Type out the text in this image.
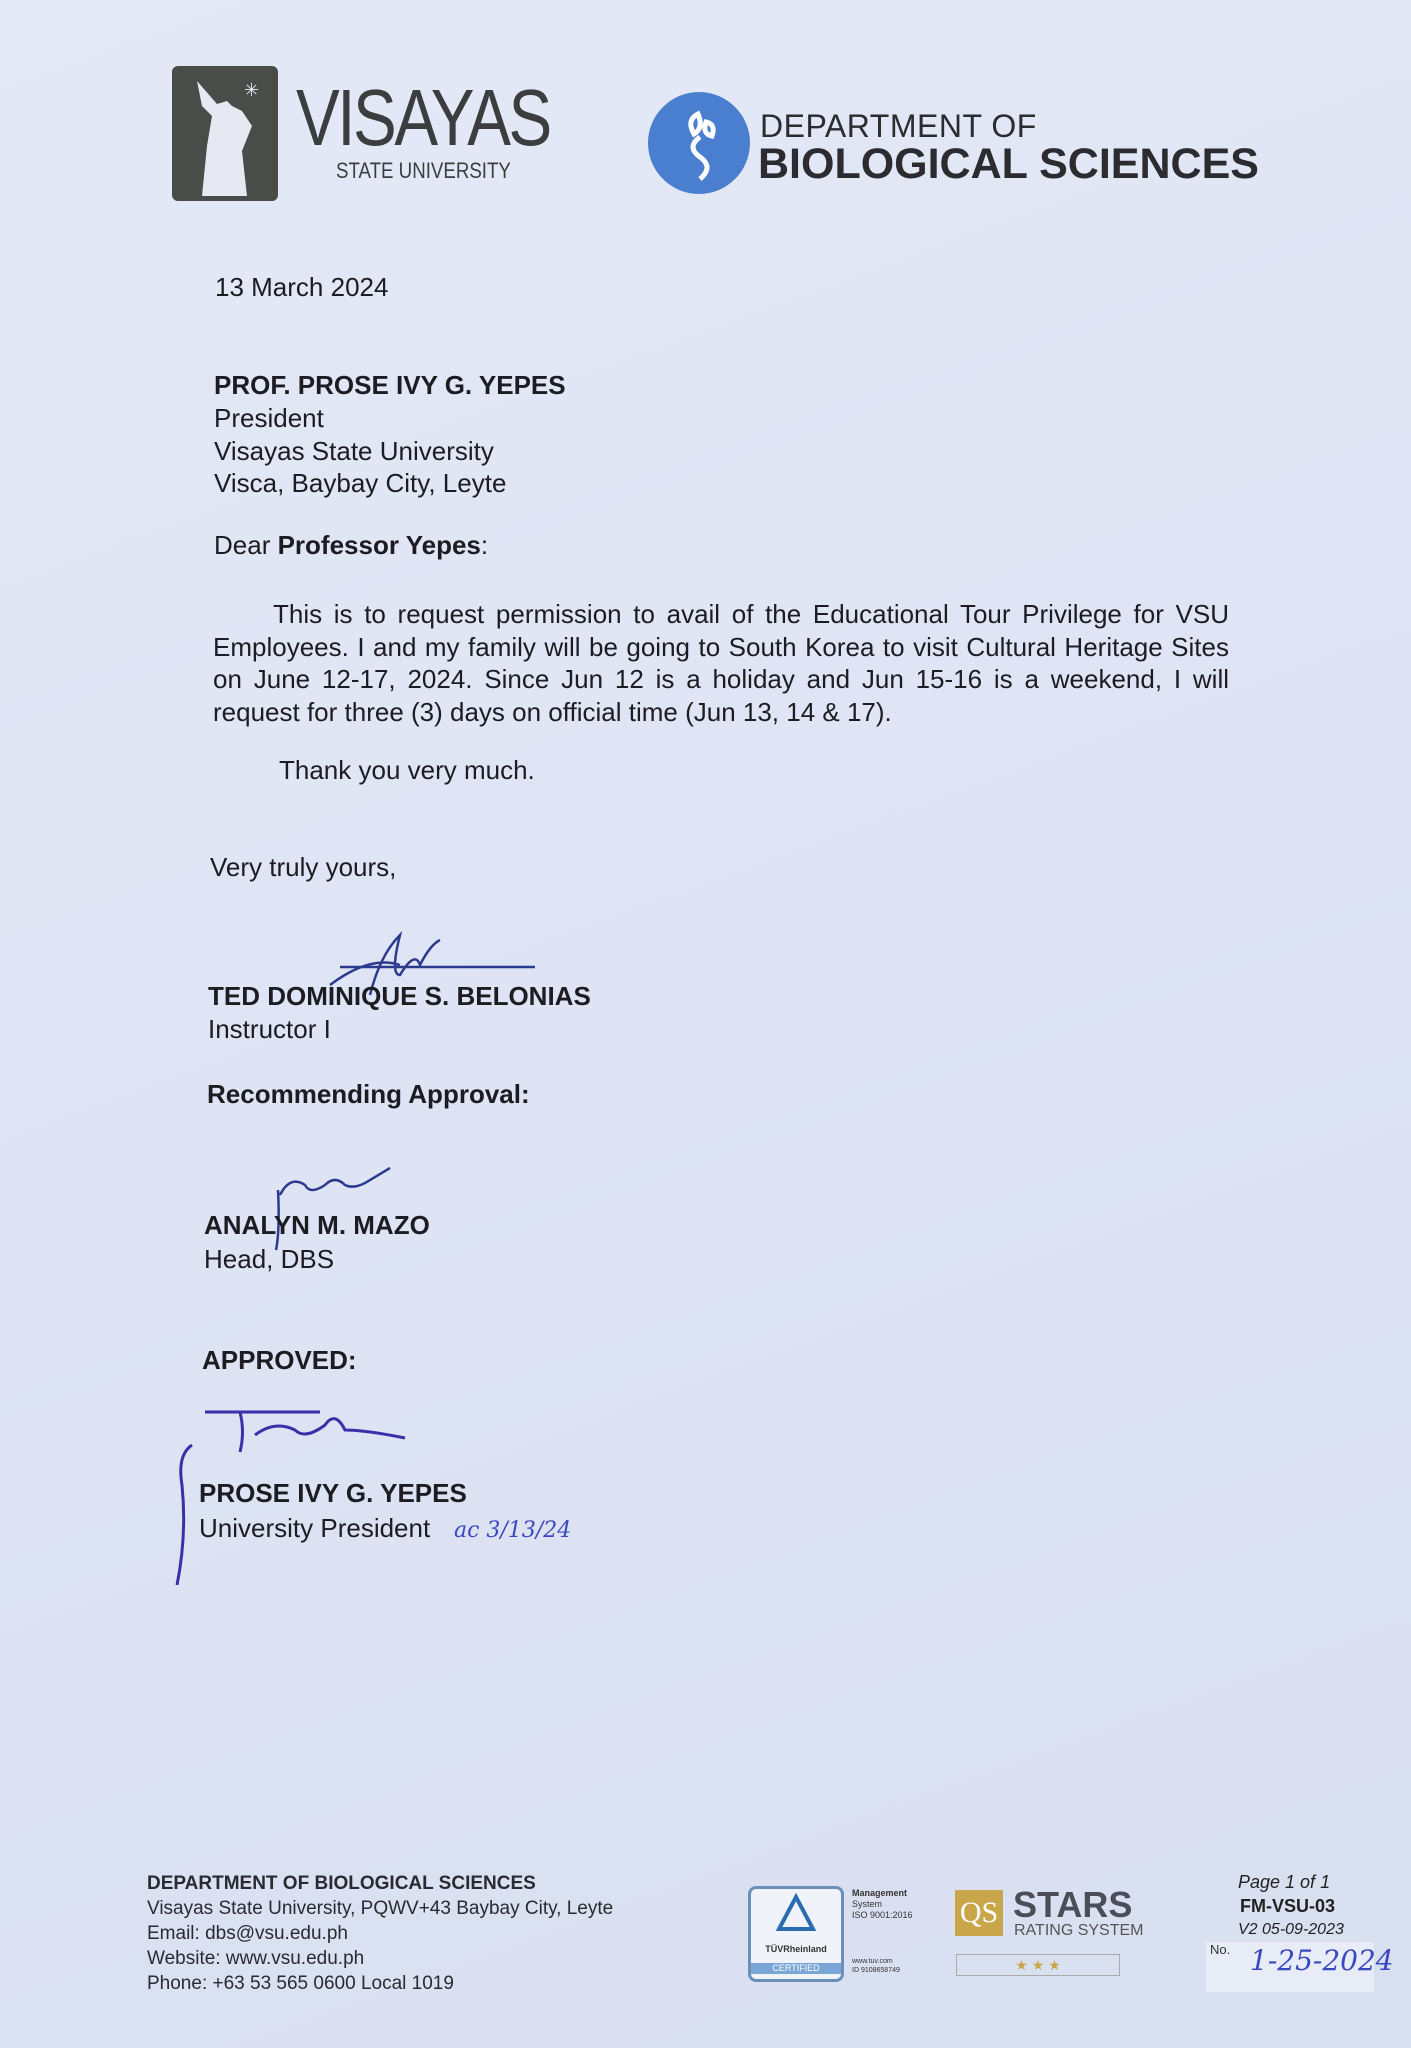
✳ VISAYAS
STATE UNIVERSITY
DEPARTMENT OF
BIOLOGICAL SCIENCES
13 March 2024
PROF. PROSE IVY G. YEPES
President
Visayas State University
Visca, Baybay City, Leyte
Dear Professor Yepes:
This is to request permission to avail of the Educational Tour Privilege for VSU Employees. I and my family will be going to South Korea to visit Cultural Heritage Sites on June 12-17, 2024. Since Jun 12 is a holiday and Jun 15-16 is a weekend, I will request for three (3) days on official time (Jun 13, 14 & 17).
Thank you very much.
Very truly yours,
TED DOMINIQUE S. BELONIAS
Instructor I
Recommending Approval:
ANALYN M. MAZO
Head, DBS
APPROVED:
PROSE IVY G. YEPES
University President ac 3/13/24
DEPARTMENT OF BIOLOGICAL SCIENCES
Visayas State University, PQWV+43 Baybay City, Leyte
Email: dbs@vsu.edu.ph
Website: www.vsu.edu.ph
Phone: +63 53 565 0600 Local 1019
TÜVRheinland
CERTIFIED
Management
System
ISO 9001:2016
www.tuv.com
ID 9108658749
QS STARS
RATING SYSTEM
★ ★ ★
Page 1 of 1
FM-VSU-03
V2 05-09-2023
No. 1-25-2024
